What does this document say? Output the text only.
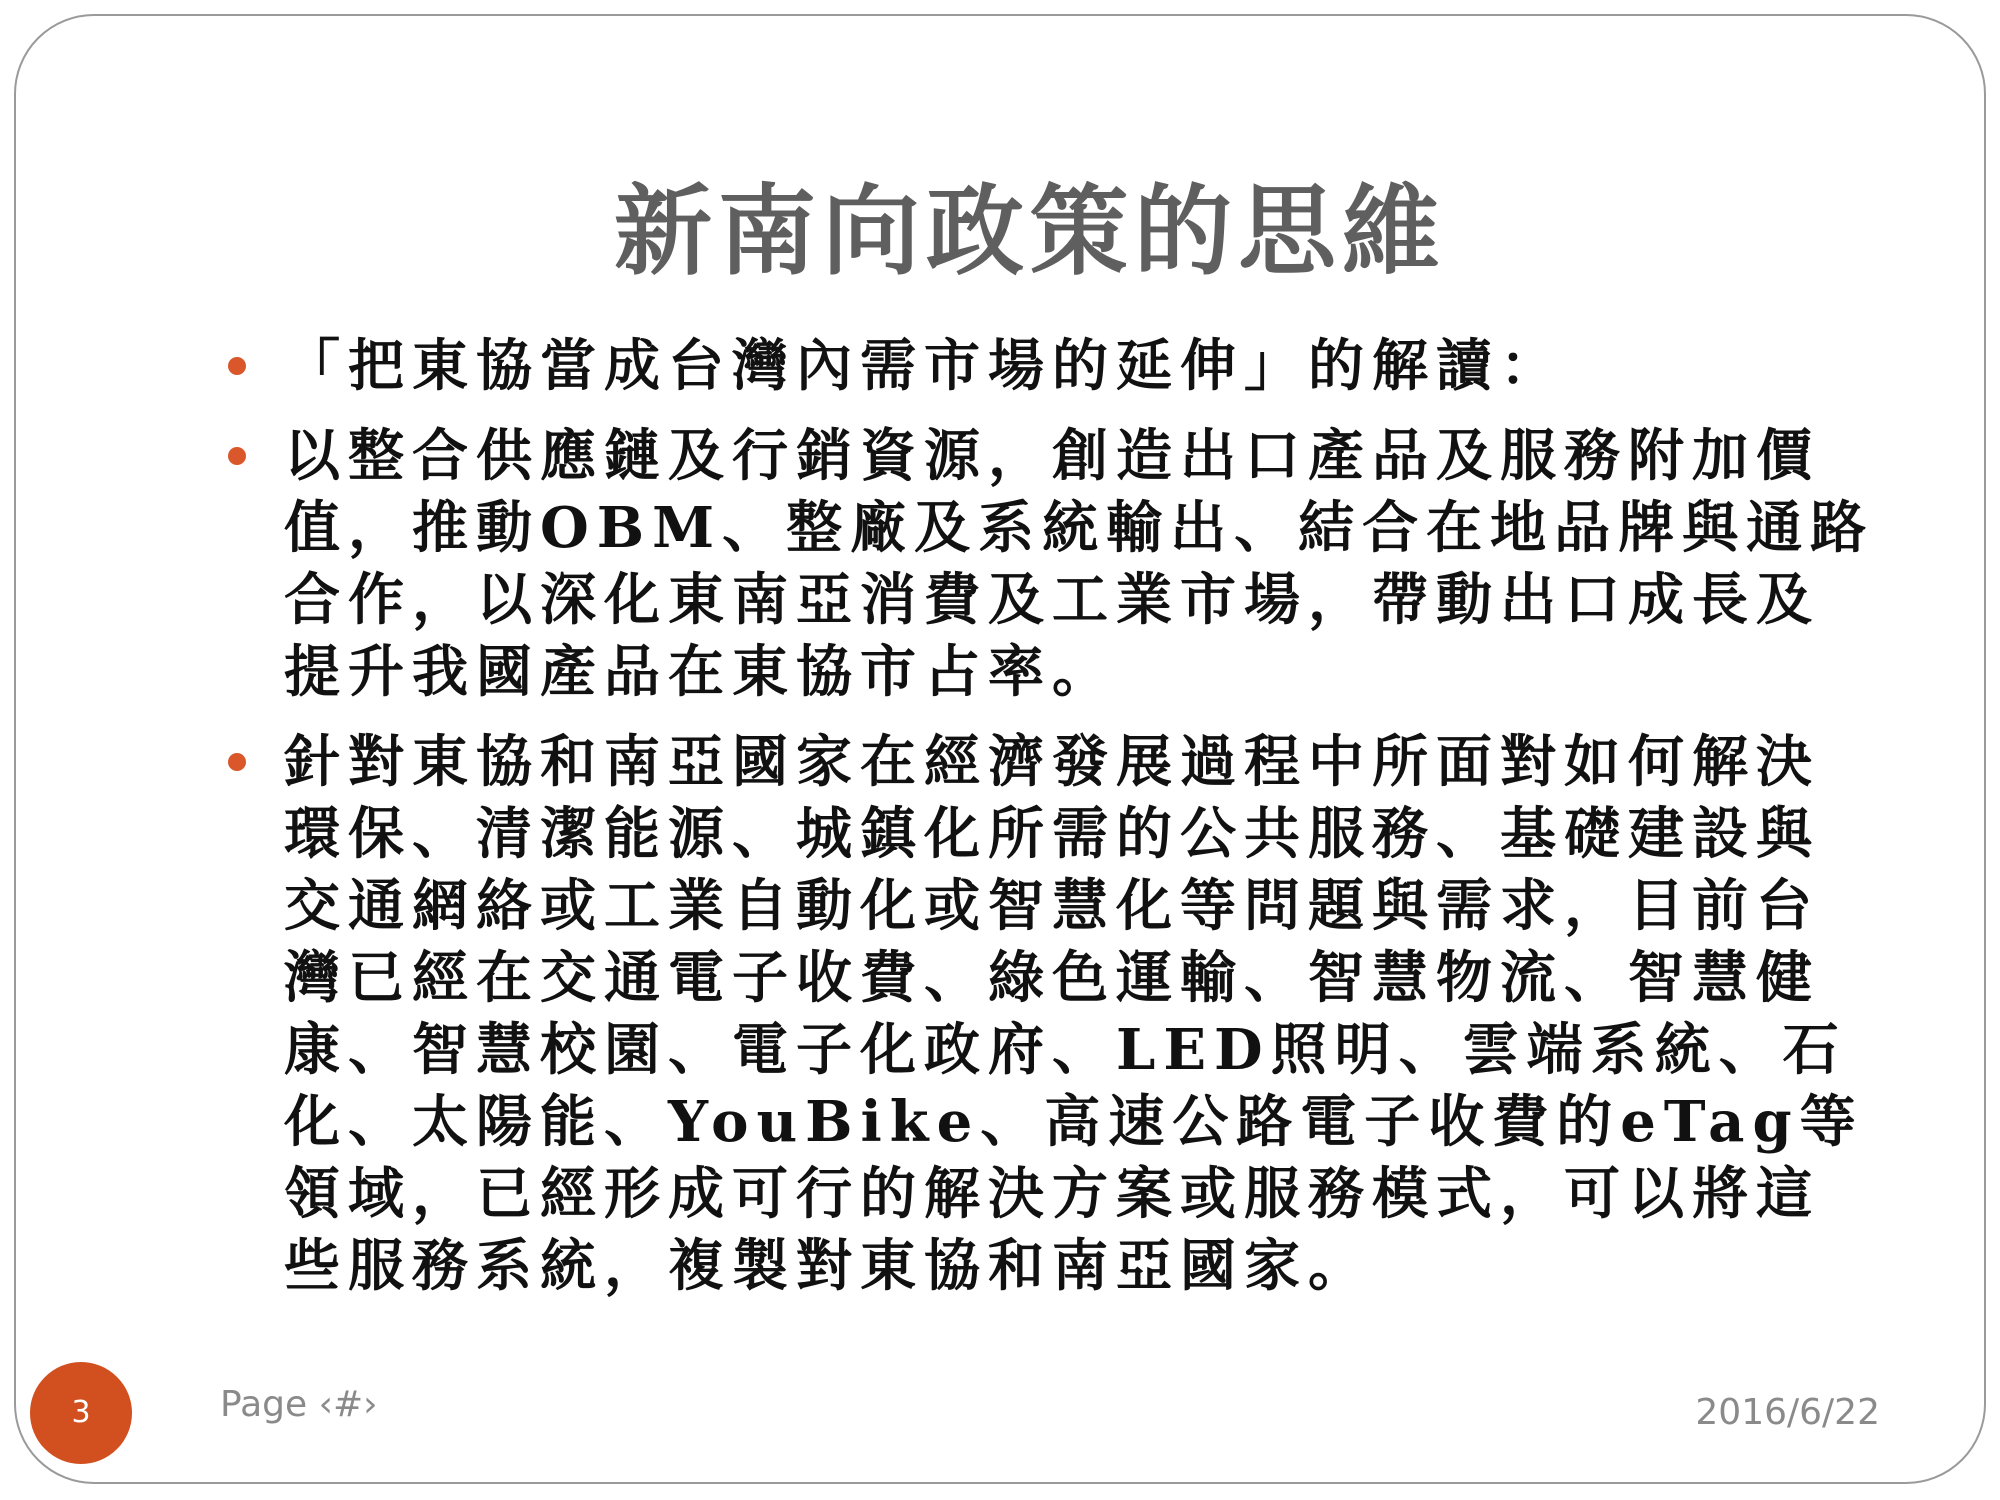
新南向政策的思維
「把東協當成台灣內需市場的延伸」的解讀：
以整合供應鏈及行銷資源，創造出口產品及服務附加價值，推動OBM、整廠及系統輸出、結合在地品牌與通路合作，以深化東南亞消費及工業市場，帶動出口成長及提升我國產品在東協市占率。
針對東協和南亞國家在經濟發展過程中所面對如何解決環保、清潔能源、城鎮化所需的公共服務、基礎建設與交通網絡或工業自動化或智慧化等問題與需求，目前台灣已經在交通電子收費、綠色運輸、智慧物流、智慧健康、智慧校園、電子化政府、LED照明、雲端系統、石化、太陽能、YouBike、高速公路電子收費的eTag等領域，已經形成可行的解決方案或服務模式，可以將這些服務系統，複製對東協和南亞國家。
3	Page ‹#›	2016/6/22
